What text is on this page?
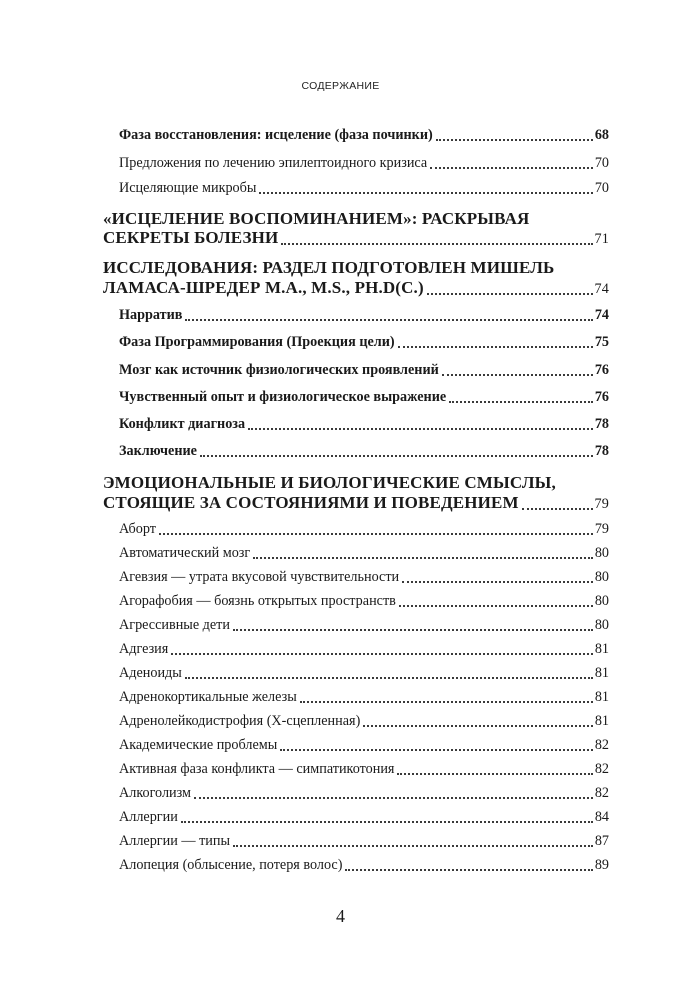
СОДЕРЖАНИЕ
Фаза восстановления: исцеление (фаза починки)	68
Предложения по лечению эпилептоидного кризиса	70
Исцеляющие микробы	70
«ИСЦЕЛЕНИЕ ВОСПОМИНАНИЕМ»: РАСКРЫВАЯ
СЕКРЕТЫ БОЛЕЗНИ	71
ИССЛЕДОВАНИЯ: РАЗДЕЛ ПОДГОТОВЛЕН МИШЕЛЬ
ЛАМАСА-ШРЕДЕР M.A., M.S., PH.D(C.)	74
Нарратив	74
Фаза Программирования (Проекция цели)	75
Мозг как источник физиологических проявлений	76
Чувственный опыт и физиологическое выражение	76
Конфликт диагноза	78
Заключение	78
ЭМОЦИОНАЛЬНЫЕ И БИОЛОГИЧЕСКИЕ СМЫСЛЫ,
СТОЯЩИЕ ЗА СОСТОЯНИЯМИ И ПОВЕДЕНИЕМ	79
Аборт	79
Автоматический мозг	80
Агевзия — утрата вкусовой чувствительности	80
Агорафобия — боязнь открытых пространств	80
Агрессивные дети	80
Адгезия	81
Аденоиды	81
Адренокортикальные железы	81
Адренолейкодистрофия (X-сцепленная)	81
Академические проблемы	82
Активная фаза конфликта — симпатикотония	82
Алкоголизм	82
Аллергии	84
Аллергии — типы	87
Алопеция (облысение, потеря волос)	89
4
